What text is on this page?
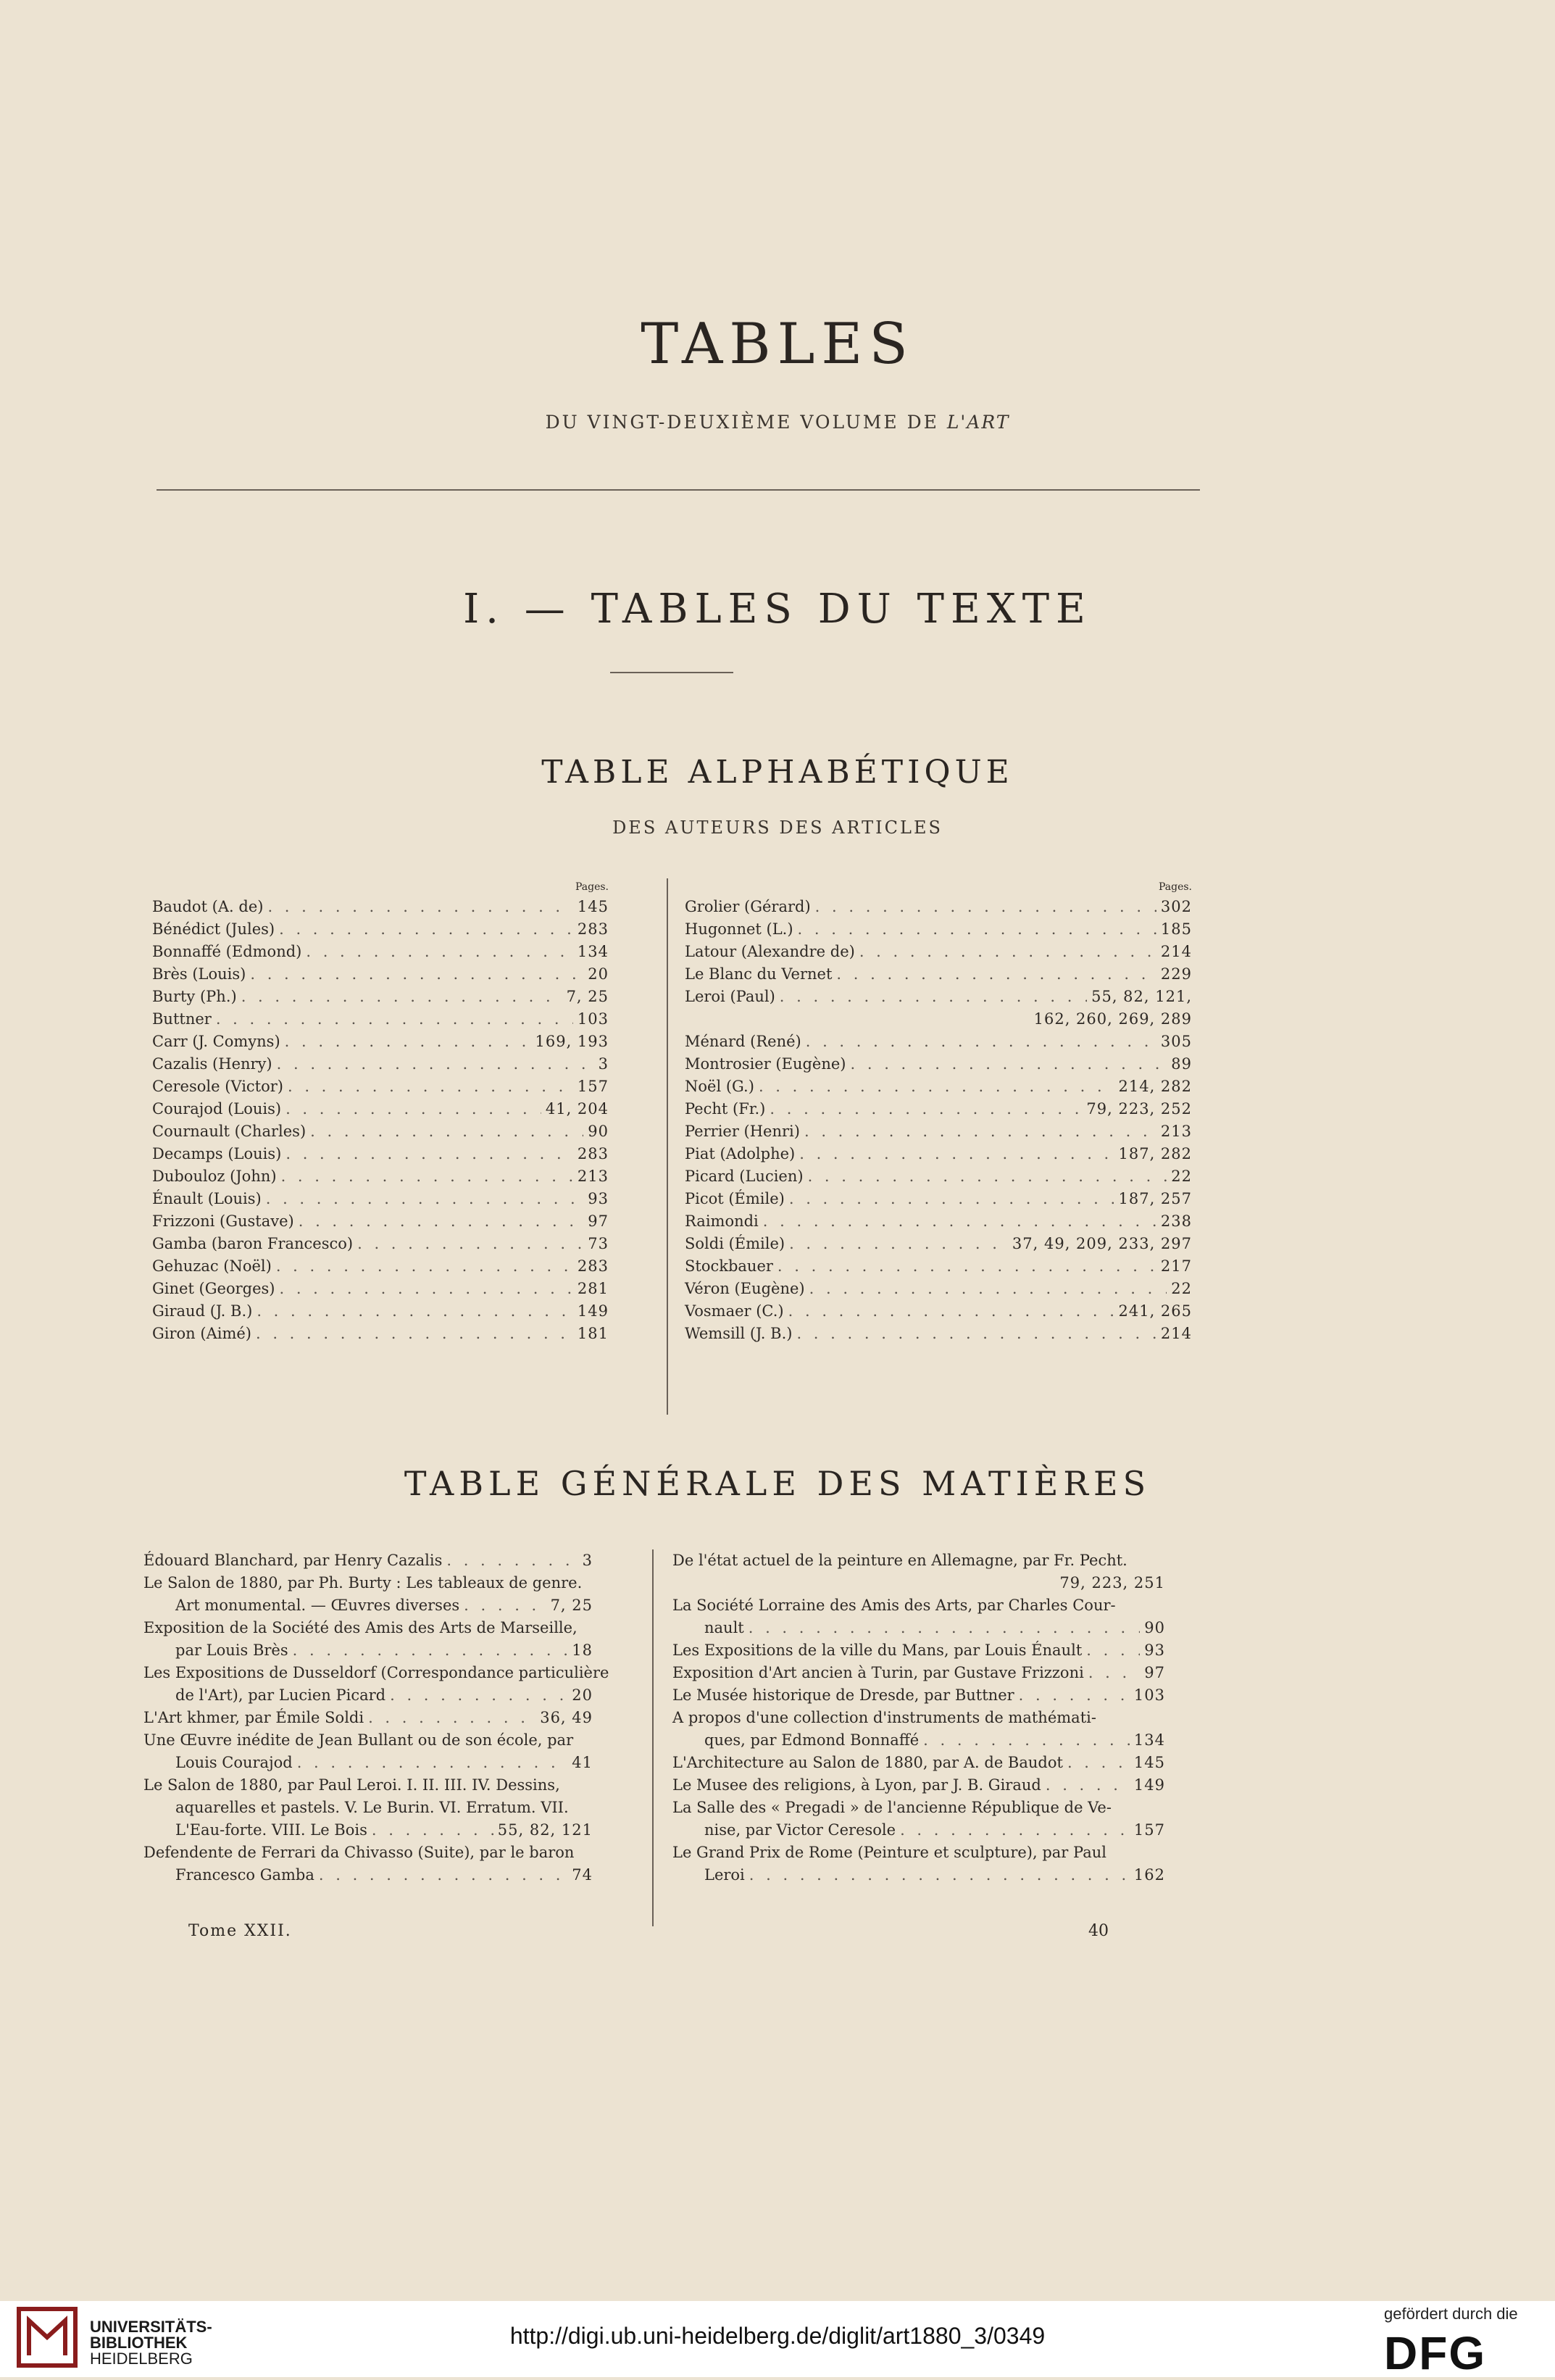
TABLES
DU VINGT-DEUXIÈME VOLUME DE L'ART
I. — TABLES DU TEXTE
TABLE ALPHABÉTIQUE
DES AUTEURS DES ARTICLES
Pages.
Baudot (A. de) . . .	145
Bénédict (Jules) . . .	283
Bonnaffé (Edmond) . . .	134
Brès (Louis) . . .	20
Burty (Ph.) . . .	7, 25
Buttner . . .	103
Carr (J. Comyns) . . .	169, 193
Cazalis (Henry) . . .	3
Ceresole (Victor) . . .	157
Courajod (Louis) . . .	41, 204
Cournault (Charles) . . .	90
Decamps (Louis) . . .	283
Dubouloz (John) . . .	213
Énault (Louis) . . .	93
Frizzoni (Gustave) . . .	97
Gamba (baron Francesco) . . .	73
Gehuzac (Noël) . . .	283
Ginet (Georges) . . .	281
Giraud (J. B.) . . .	149
Giron (Aimé) . . .	181
Pages.
Grolier (Gérard) . . .	302
Hugonnet (L.) . . .	185
Latour (Alexandre de) . . .	214
Le Blanc du Vernet . . .	229
Leroi (Paul) . . .	55, 82, 121,
162, 260, 269, 289
Ménard (René) . . .	305
Montrosier (Eugène) . . .	89
Noël (G.) . . .	214, 282
Pecht (Fr.) . . .	79, 223, 252
Perrier (Henri) . . .	213
Piat (Adolphe) . . .	187, 282
Picard (Lucien) . . .	22
Picot (Émile) . . .	187, 257
Raimondi . . .	238
Soldi (Émile) . . .	37, 49, 209, 233, 297
Stockbauer . . .	217
Véron (Eugène) . . .	22
Vosmaer (C.) . . .	241, 265
Wemsill (J. B.) . . .	214
TABLE GÉNÉRALE DES MATIÈRES
Édouard Blanchard, par Henry Cazalis . . .	3
Le Salon de 1880, par Ph. Burty : Les tableaux de genre.
Art monumental. — Œuvres diverses . . .	7, 25
Exposition de la Société des Amis des Arts de Marseille,
par Louis Brès . . .	18
Les Expositions de Dusseldorf (Correspondance particulière
de l'Art), par Lucien Picard . . .	20
L'Art khmer, par Émile Soldi . . .	36, 49
Une Œuvre inédite de Jean Bullant ou de son école, par
Louis Courajod . . .	41
Le Salon de 1880, par Paul Leroi. I. II. III. IV. Dessins,
aquarelles et pastels. V. Le Burin. VI. Erratum. VII.
L'Eau-forte. VIII. Le Bois . . .	55, 82, 121
Defendente de Ferrari da Chivasso (Suite), par le baron
Francesco Gamba . . .	74
De l'état actuel de la peinture en Allemagne, par Fr. Pecht.
79, 223, 251
La Société Lorraine des Amis des Arts, par Charles Cour-
nault . . .	90
Les Expositions de la ville du Mans, par Louis Énault . . .	93
Exposition d'Art ancien à Turin, par Gustave Frizzoni . . .	97
Le Musée historique de Dresde, par Buttner . . .	103
A propos d'une collection d'instruments de mathémati-
ques, par Edmond Bonnaffé . . .	134
L'Architecture au Salon de 1880, par A. de Baudot . . .	145
Le Musee des religions, à Lyon, par J. B. Giraud . . .	149
La Salle des « Pregadi » de l'ancienne République de Ve-
nise, par Victor Ceresole . . .	157
Le Grand Prix de Rome (Peinture et sculpture), par Paul
Leroi . . .	162
Tome XXII.	40
UNIVERSITÄTS-
BIBLIOTHEK
HEIDELBERG
http://digi.ub.uni-heidelberg.de/diglit/art1880_3/0349
gefördert durch die
DFG
